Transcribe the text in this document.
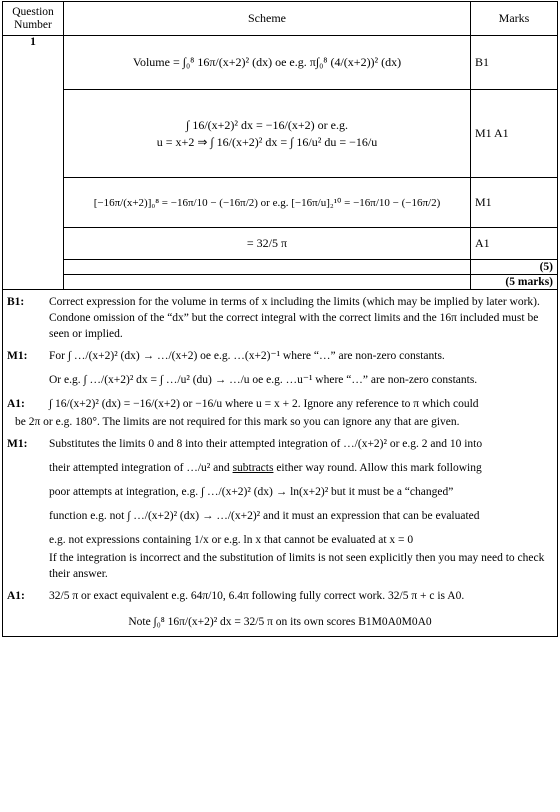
Question Number	Scheme	Marks
1	Volume = ∫₀⁸ 16π/(x+2)² (dx) oe e.g. π∫₀⁸ (4/(x+2))² (dx)	B1

	∫ 16/(x+2)² dx = −16/(x+2) or e.g.
u = x+2 ⇒ ∫ 16/(x+2)² dx = ∫ 16/u² du = −16/u	M1 A1
	[−16π/(x+2)]₀⁸ = −16π/10 − (−16π/2) or e.g. [−16π/u]₂¹⁰ = −16π/10 − (−16π/2)	M1
	= 32/5 π	A1
		(5)
		(5 marks)
B1:	Correct expression for the volume in terms of x including the limits (which may be implied by later work). Condone omission of the “dx” but the correct integral with the correct limits and the 16π included must be seen or implied.
M1:	For ∫ …/(x+2)² (dx) → …/(x+2) oe e.g. …(x+2)⁻¹ where “…” are non-zero constants.
Or e.g. ∫ …/(x+2)² dx = ∫ …/u² (du) → …/u oe e.g. …u⁻¹ where “…” are non-zero constants.
A1:	∫ 16/(x+2)² (dx) = −16/(x+2) or −16/u where u = x + 2. Ignore any reference to π which could
be 2π or e.g. 180°. The limits are not required for this mark so you can ignore any that are given.
M1:	Substitutes the limits 0 and 8 into their attempted integration of …/(x+2)² or e.g. 2 and 10 into
their attempted integration of …/u² and subtracts either way round. Allow this mark following
poor attempts at integration, e.g. ∫ …/(x+2)² (dx) → ln(x+2)² but it must be a “changed”
function e.g. not ∫ …/(x+2)² (dx) → …/(x+2)² and it must an expression that can be evaluated
e.g. not expressions containing 1/x or e.g. ln x that cannot be evaluated at x = 0
If the integration is incorrect and the substitution of limits is not seen explicitly then you may need to check their answer.
A1:	32/5 π or exact equivalent e.g. 64π/10, 6.4π following fully correct work. 32/5 π + c is A0.
Note ∫₀⁸ 16π/(x+2)² dx = 32/5 π on its own scores B1M0A0M0A0
